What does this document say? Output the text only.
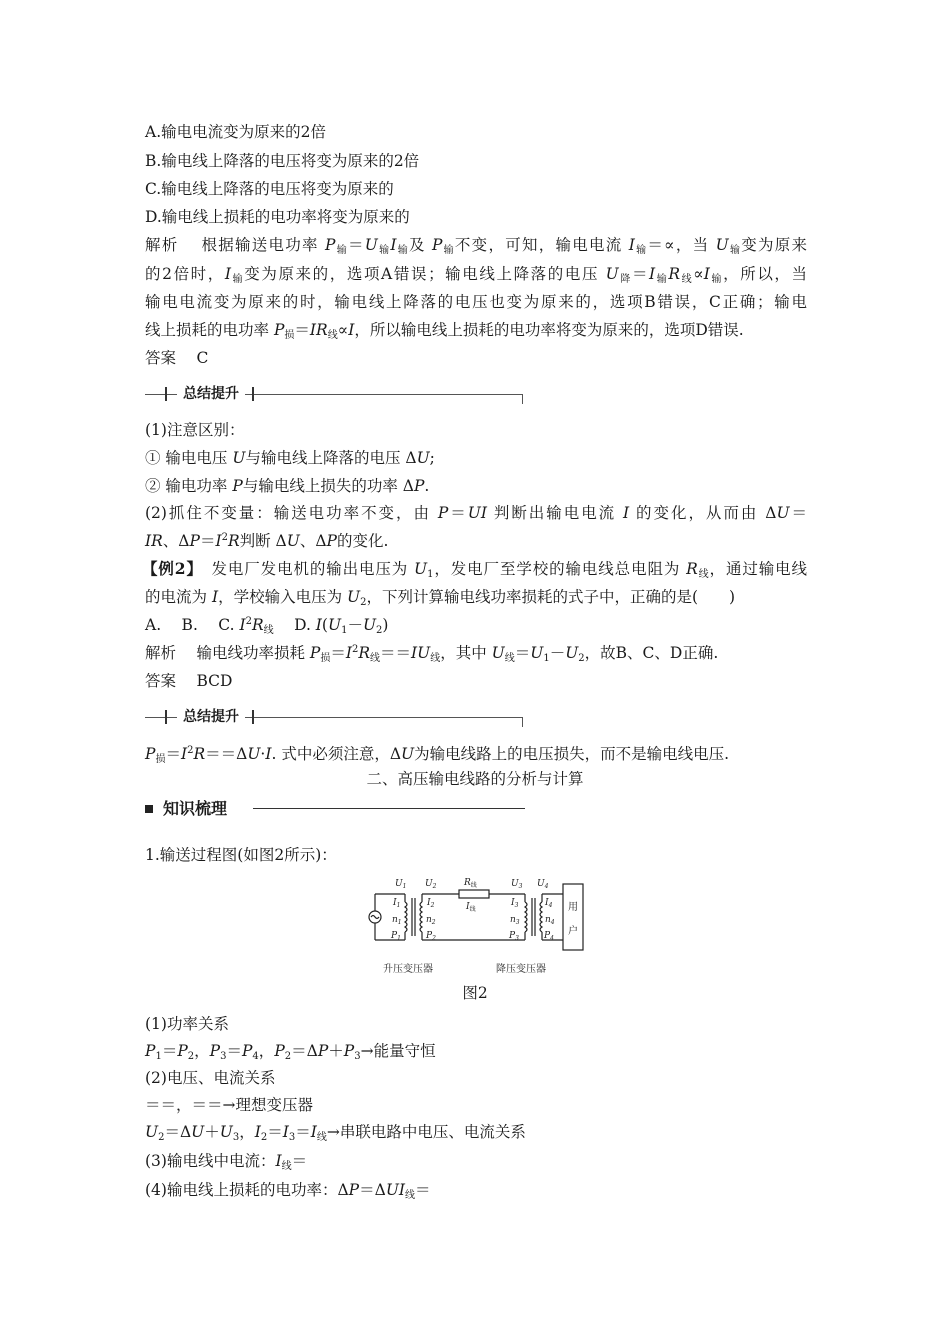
A.输电电流变为原来的2倍
B.输电线上降落的电压将变为原来的2倍
C.输电线上降落的电压将变为原来的
D.输电线上损耗的电功率将变为原来的
解析　 根据输送电功率 $P_输=U_输I_输$及 $P_输$不变，可知，输电电流 $I_输=\propto$，当 $U_输$变为原来
的2倍时，$I_输$变为原来的，选项A错误；输电线上降落的电压 $U_降=I_输R_线\propto I_输$，所以，当
输电电流变为原来的时，输电线上降落的电压也变为原来的，选项B错误，C正确；输电
线上损耗的电功率 $P_损=IR_线\propto I$，所以输电线上损耗的电功率将变为原来的，选项D错误.
答案　 C
总结提升
(1)注意区别：
① 输电电压 U与输电线上降落的电压 ΔU;
② 输电功率 P与输电线上损失的功率 ΔP.
(2)抓住不变量：输送电功率不变，由 P＝UI 判断出输电电流 I 的变化，从而由 ΔU＝
IR、$\Delta P=I^2R$判断 ΔU、ΔP的变化.
【例2】　发电厂发电机的输出电压为 $U_1$，发电厂至学校的输电线总电阻为 $R_线$，通过输电线
的电流为 I，学校输入电压为 $U_2$，下列计算输电线功率损耗的式子中，正确的是(　　)
A.　 B.　 C. $I^2R_线$　 D. $I(U_1-U_2)$
解析　 输电线功率损耗 $P_损=I^2R_线==IU_线$，其中 $U_线=U_1-U_2$，故B、C、D正确.
答案　 BCD
总结提升
$P_损=I^2R==\Delta U\cdot I$. 式中必须注意，ΔU为输电线路上的电压损失，而不是输电线电压.
二、高压输电线路的分析与计算
知识梳理
1.输送过程图(如图2所示)：
$U_1$ $U_2$	$U_3$ $U_4$
$R_线$
$I_线$
$I_1$	$I_2$	$I_3$	$I_4$
$n_1$	$n_2$	$n_3$	$n_4$
$P_1$	$P_2$	$P_3$	$P_4$
用
户
升压变压器	降压变压器
图2
(1)功率关系
$P_1=P_2$，$P_3=P_4$，$P_2=\Delta P+P_3\to$能量守恒
(2)电压、电流关系
＝＝，＝＝→理想变压器
$U_2=\Delta U+U_3$，$I_2=I_3=I_线\to$串联电路中电压、电流关系
(3)输电线中电流：$I_线=$
(4)输电线上损耗的电功率：$\Delta P=\Delta UI_线=$
